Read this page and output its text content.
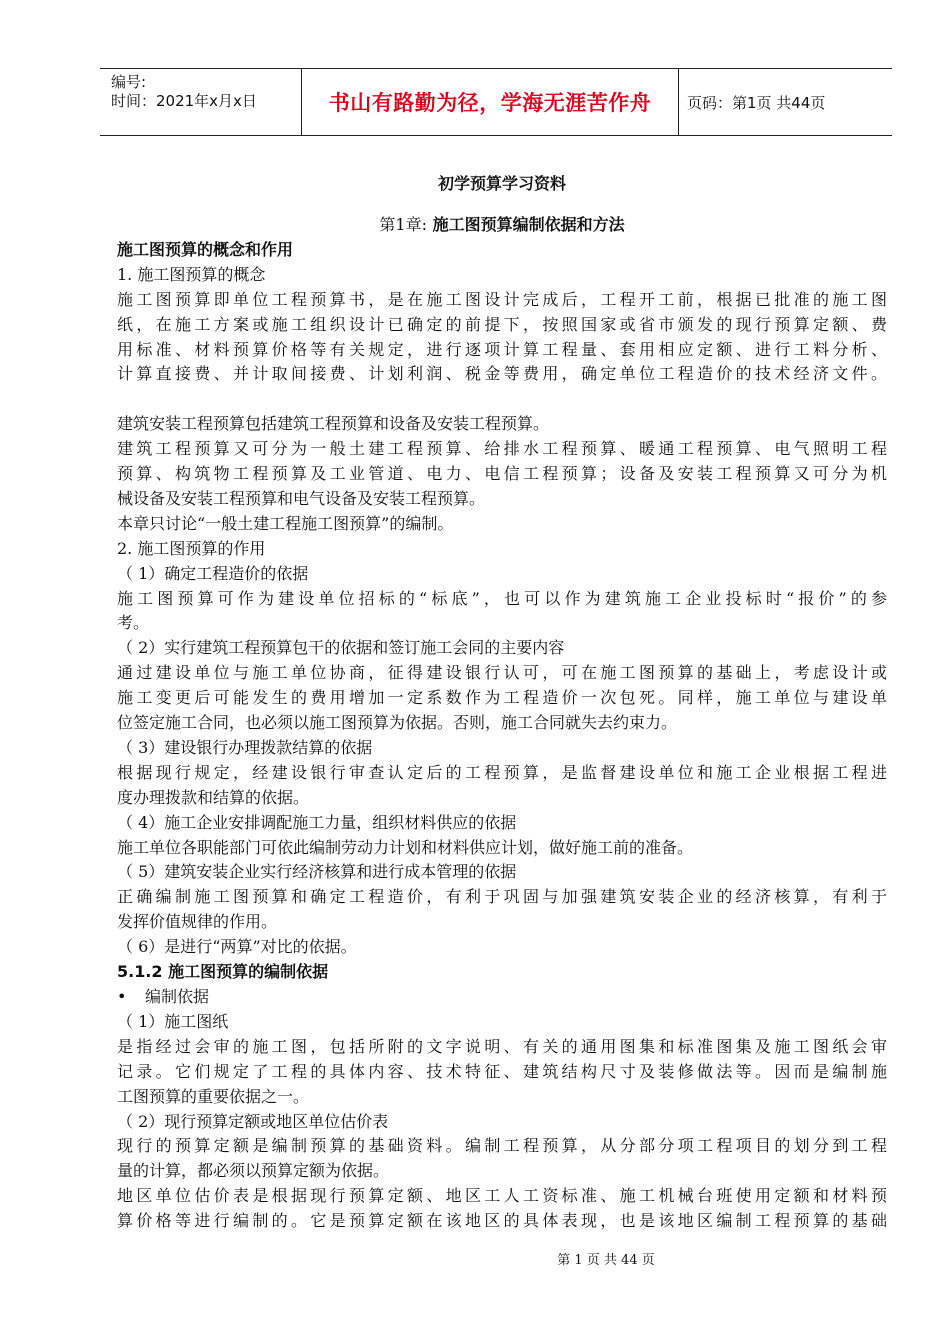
编号:
时间：2021年x月x日	书山有路勤为径，学海无涯苦作舟	页码：第1页 共44页
初学预算学习资料
第1章: 施工图预算编制依据和方法
施工图预算的概念和作用
1. 施工图预算的概念
施工图预算即单位工程预算书，是在施工图设计完成后，工程开工前，根据已批准的施工图
纸，在施工方案或施工组织设计已确定的前提下，按照国家或省市颁发的现行预算定额、费
用标准、材料预算价格等有关规定，进行逐项计算工程量、套用相应定额、进行工料分析、
计算直接费、并计取间接费、计划利润、税金等费用，确定单位工程造价的技术经济文件。
建筑安装工程预算包括建筑工程预算和设备及安装工程预算。
建筑工程预算又可分为一般土建工程预算、给排水工程预算、暖通工程预算、电气照明工程
预算、构筑物工程预算及工业管道、电力、电信工程预算；设备及安装工程预算又可分为机
械设备及安装工程预算和电气设备及安装工程预算。
本章只讨论“一般土建工程施工图预算”的编制。
2. 施工图预算的作用
（ 1）确定工程造价的依据
施工图预算可作为建设单位招标的“标底”，也可以作为建筑施工企业投标时“报价”的参
考。
（ 2）实行建筑工程预算包干的依据和签订施工会同的主要内容
通过建设单位与施工单位协商，征得建设银行认可，可在施工图预算的基础上，考虑设计或
施工变更后可能发生的费用增加一定系数作为工程造价一次包死。同样，施工单位与建设单
位签定施工合同，也必须以施工图预算为依据。否则，施工合同就失去约束力。
（ 3）建设银行办理拨款结算的依据
根据现行规定，经建设银行审查认定后的工程预算，是监督建设单位和施工企业根据工程进
度办理拨款和结算的依据。
（ 4）施工企业安排调配施工力量，组织材料供应的依据
施工单位各职能部门可依此编制劳动力计划和材料供应计划，做好施工前的准备。
（ 5）建筑安装企业实行经济核算和进行成本管理的依据
正确编制施工图预算和确定工程造价，有利于巩固与加强建筑安装企业的经济核算，有利于
发挥价值规律的作用。
（ 6）是进行“两算”对比的依据。
5.1.2 施工图预算的编制依据
• 编制依据
（ 1）施工图纸
是指经过会审的施工图，包括所附的文字说明、有关的通用图集和标准图集及施工图纸会审
记录。它们规定了工程的具体内容、技术特征、建筑结构尺寸及装修做法等。因而是编制施
工图预算的重要依据之一。
（ 2）现行预算定额或地区单位估价表
现行的预算定额是编制预算的基础资料。编制工程预算，从分部分项工程项目的划分到工程
量的计算，都必须以预算定额为依据。
地区单位估价表是根据现行预算定额、地区工人工资标准、施工机械台班使用定额和材料预
算价格等进行编制的。它是预算定额在该地区的具体表现，也是该地区编制工程预算的基础
第 1 页 共 44 页
